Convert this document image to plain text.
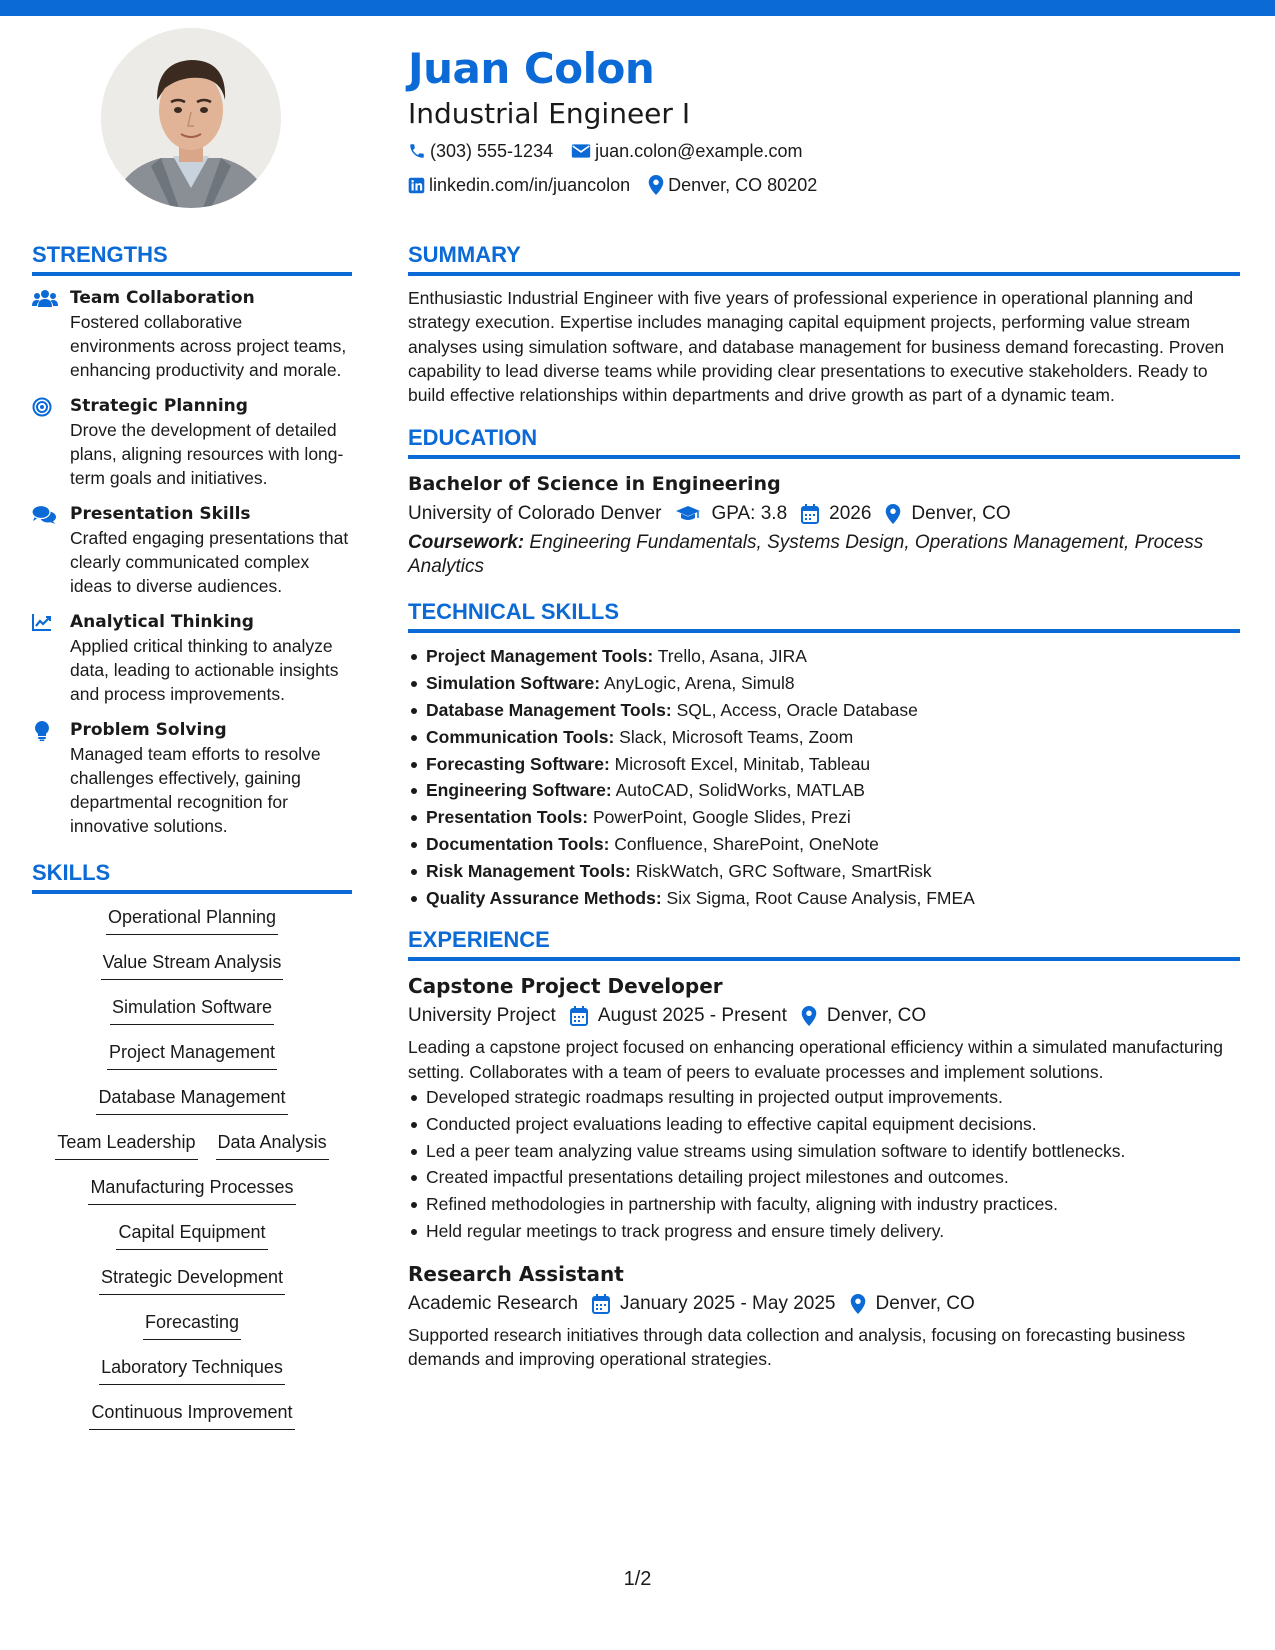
Juan Colon
Industrial Engineer I
(303) 555-1234 juan.colon@example.com
linkedin.com/in/juancolon Denver, CO 80202
STRENGTHS
Team Collaboration
Fostered collaborative environments across project teams, enhancing productivity and morale.
Strategic Planning
Drove the development of detailed plans, aligning resources with long-term goals and initiatives.
Presentation Skills
Crafted engaging presentations that clearly communicated complex ideas to diverse audiences.
Analytical Thinking
Applied critical thinking to analyze data, leading to actionable insights and process improvements.
Problem Solving
Managed team efforts to resolve challenges effectively, gaining departmental recognition for innovative solutions.
SKILLS
Operational Planning
Value Stream Analysis
Simulation Software
Project Management
Database Management
Team Leadership Data Analysis
Manufacturing Processes
Capital Equipment
Strategic Development
Forecasting
Laboratory Techniques
Continuous Improvement
SUMMARY

Enthusiastic Industrial Engineer with five years of professional experience in operational planning and strategy execution. Expertise includes managing capital equipment projects, performing value stream analyses using simulation software, and database management for business demand forecasting. Proven capability to lead diverse teams while providing clear presentations to executive stakeholders. Ready to build effective relationships within departments and drive growth as part of a dynamic team.

EDUCATION
Bachelor of Science in Engineering
University of Colorado Denver	GPA: 3.8 2026 Denver, CO
Coursework: Engineering Fundamentals, Systems Design, Operations Management, Process Analytics
TECHNICAL SKILLS
Project Management Tools: Trello, Asana, JIRA
Simulation Software: AnyLogic, Arena, Simul8
Database Management Tools: SQL, Access, Oracle Database
Communication Tools: Slack, Microsoft Teams, Zoom
Forecasting Software: Microsoft Excel, Minitab, Tableau
Engineering Software: AutoCAD, SolidWorks, MATLAB
Presentation Tools: PowerPoint, Google Slides, Prezi
Documentation Tools: Confluence, SharePoint, OneNote
Risk Management Tools: RiskWatch, GRC Software, SmartRisk
Quality Assurance Methods: Six Sigma, Root Cause Analysis, FMEA
EXPERIENCE
Capstone Project Developer
University Project August 2025 - Present Denver, CO

Leading a capstone project focused on enhancing operational efficiency within a simulated manufacturing setting. Collaborates with a team of peers to evaluate processes and implement solutions.

Developed strategic roadmaps resulting in projected output improvements.
Conducted project evaluations leading to effective capital equipment decisions.
Led a peer team analyzing value streams using simulation software to identify bottlenecks.
Created impactful presentations detailing project milestones and outcomes.
Refined methodologies in partnership with faculty, aligning with industry practices.
Held regular meetings to track progress and ensure timely delivery.
Research Assistant
Academic Research January 2025 - May 2025 Denver, CO

Supported research initiatives through data collection and analysis, focusing on forecasting business demands and improving operational strategies.

1/2
